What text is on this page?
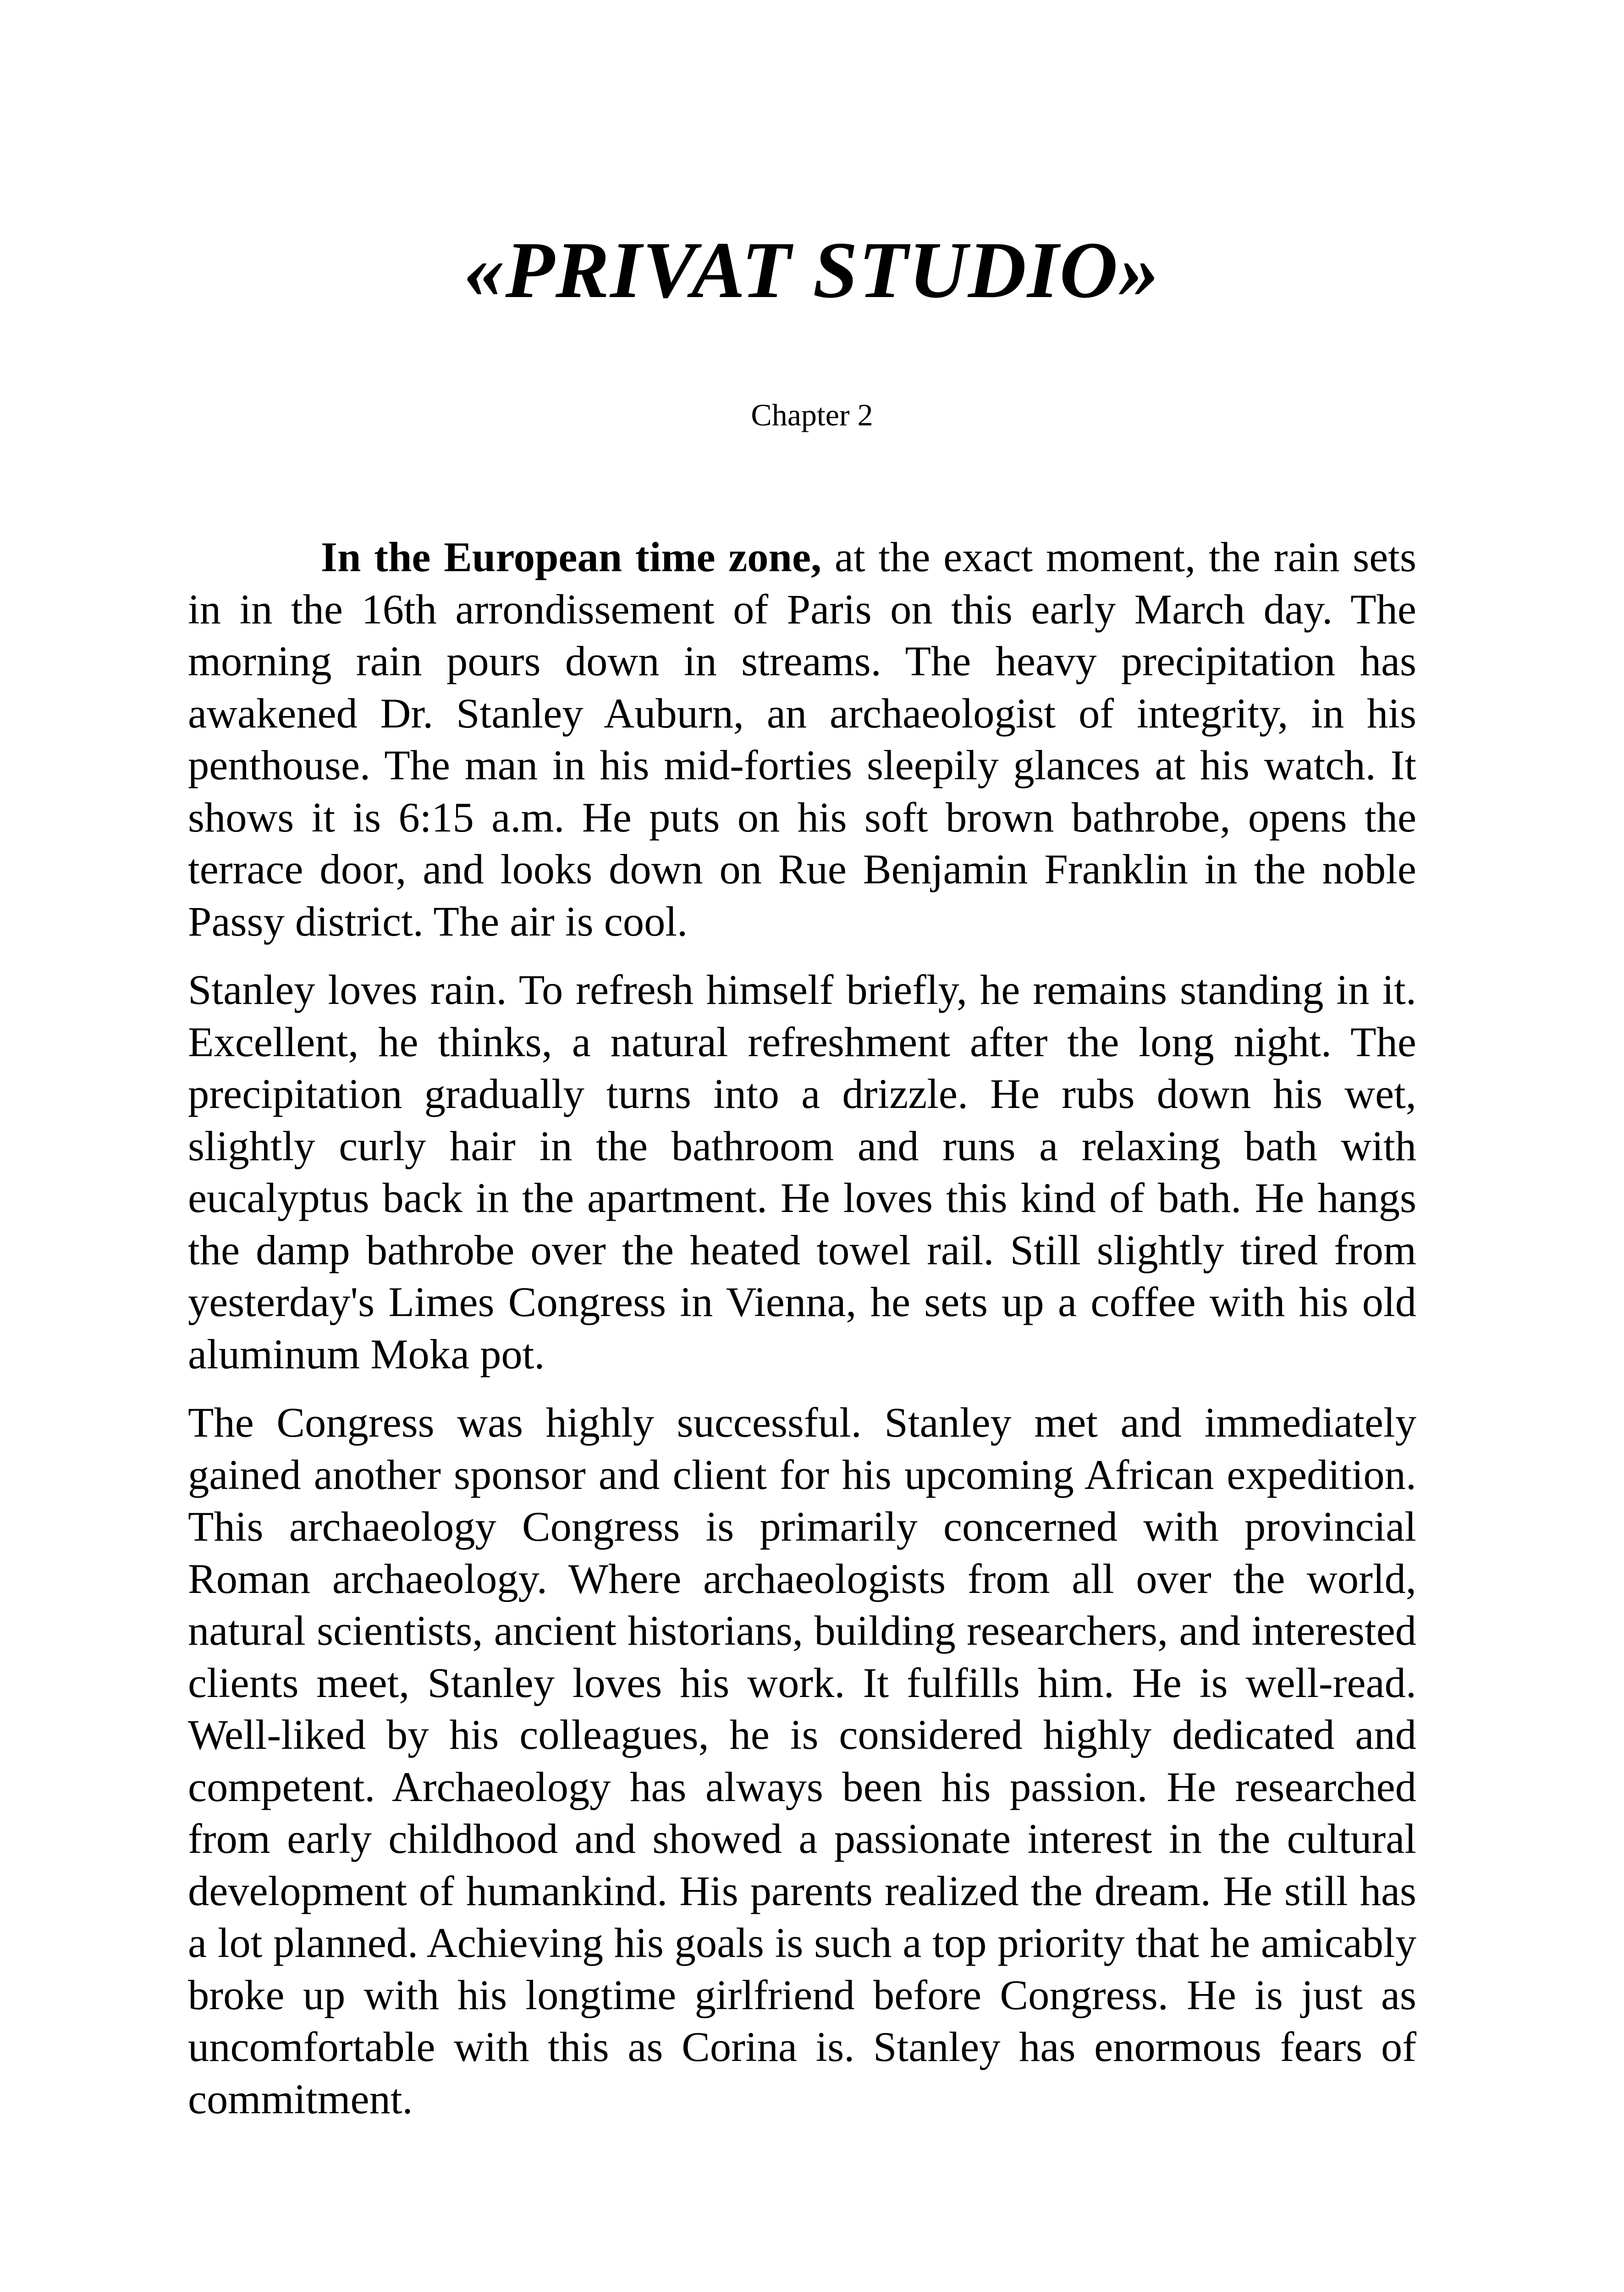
«PRIVAT STUDIO»
Chapter 2

In the European time zone, at the exact moment, the rain sets in in the 16th arrondissement of Paris on this early March day. The morning rain pours down in streams. The heavy precipitation has awakened Dr. Stanley Auburn, an archaeologist of integrity, in his penthouse. The man in his mid-forties sleepily glances at his watch. It shows it is 6:15 a.m. He puts on his soft brown bathrobe, opens the terrace door, and looks down on Rue Benjamin Franklin in the noble Passy district. The air is cool.

Stanley loves rain. To refresh himself briefly, he remains standing in it. Excellent, he thinks, a natural refreshment after the long night. The precipitation gradually turns into a drizzle. He rubs down his wet, slightly curly hair in the bathroom and runs a relaxing bath with eucalyptus back in the apartment. He loves this kind of bath. He hangs the damp bathrobe over the heated towel rail. Still slightly tired from yesterday's Limes Congress in Vienna, he sets up a coffee with his old aluminum Moka pot.

The Congress was highly successful. Stanley met and immediately gained another sponsor and client for his upcoming African expedition. This archaeology Congress is primarily concerned with provincial Roman archaeology. Where archaeologists from all over the world, natural scientists, ancient historians, building researchers, and interested clients meet, Stanley loves his work. It fulfills him. He is well-read. Well-liked by his colleagues, he is considered highly dedicated and competent. Archaeology has always been his passion. He researched from early childhood and showed a passionate interest in the cultural development of humankind. His parents realized the dream. He still has a lot planned. Achieving his goals is such a top priority that he amicably broke up with his longtime girlfriend before Congress. He is just as uncomfortable with this as Corina is. Stanley has enormous fears of commitment.
